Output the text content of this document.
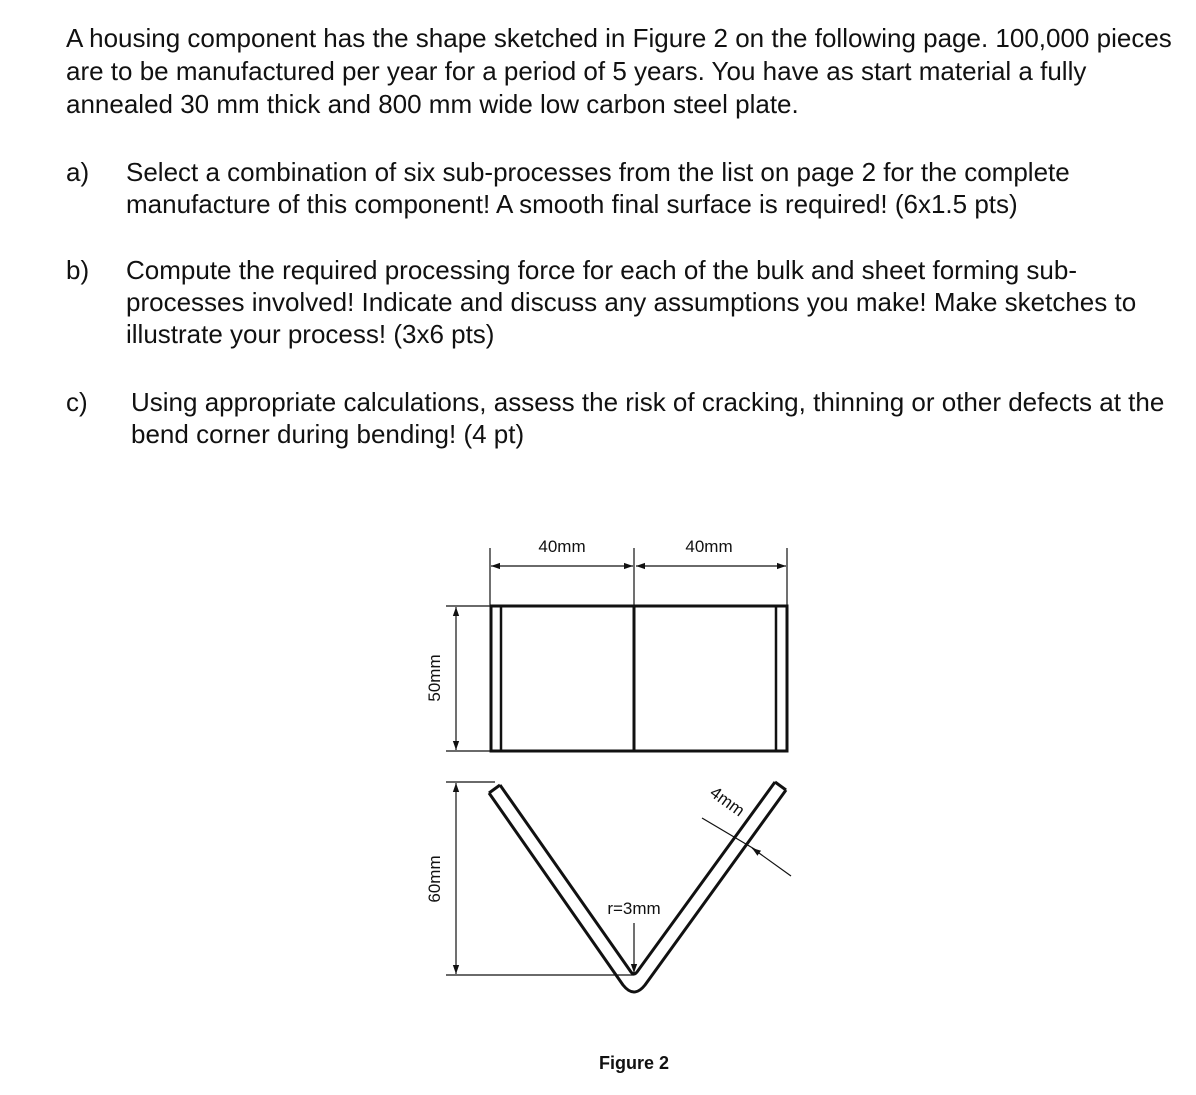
A housing component has the shape sketched in Figure 2 on the following page. 100,000 pieces are to be manufactured per year for a period of 5 years. You have as start material a fully annealed 30 mm thick and 800 mm wide low carbon steel plate.

a) Select a combination of six sub-processes from the list on page 2 for the complete manufacture of this component! A smooth final surface is required! (6x1.5 pts)

b) Compute the required processing force for each of the bulk and sheet forming sub-processes involved! Indicate and discuss any assumptions you make! Make sketches to illustrate your process! (3x6 pts)

c) Using appropriate calculations, assess the risk of cracking, thinning or other defects at the bend corner during bending! (4 pt)

40mm	40mm
50mm
60mm
r=3mm
4mm
Figure 2
